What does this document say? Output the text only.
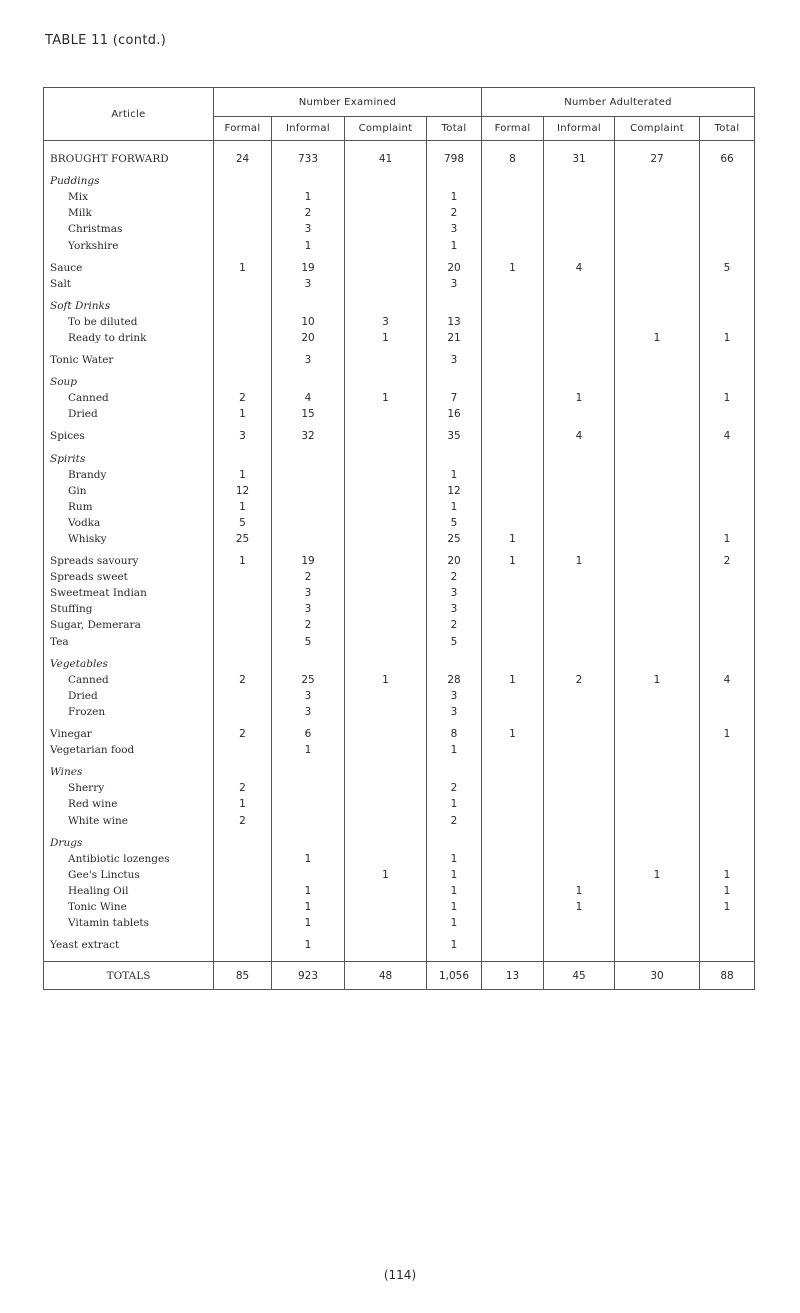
TABLE 11 (contd.)
Article	Number Examined				Number Adulterated			
	Formal	Informal	Complaint	Total	Formal	Informal	Complaint	Total
BROUGHT FORWARD	24	733	41	798	8	31	27	66
Puddings								
Mix		1		1				
Milk		2		2				
Christmas		3		3				
Yorkshire		1		1				
Sauce	1	19		20	1	4		5
Salt		3		3				
Soft Drinks								
To be diluted		10	3	13				
Ready to drink		20	1	21			1	1
Tonic Water		3		3				
Soup								
Canned	2	4	1	7		1		1
Dried	1	15		16				
Spices	3	32		35		4		4
Spirits								
Brandy	1			1				
Gin	12			12				
Rum	1			1				
Vodka	5			5				
Whisky	25			25	1			1
Spreads savoury	1	19		20	1	1		2
Spreads sweet		2		2				
Sweetmeat Indian		3		3				
Stuffing		3		3				
Sugar, Demerara		2		2				
Tea		5		5				
Vegetables								
Canned	2	25	1	28	1	2	1	4
Dried		3		3				
Frozen		3		3				
Vinegar	2	6		8	1			1
Vegetarian food		1		1				
Wines								
Sherry	2			2				
Red wine	1			1				
White wine	2			2				
Drugs								
Antibiotic lozenges		1		1				
Gee's Linctus			1	1			1	1
Healing Oil		1		1		1		1
Tonic Wine		1		1		1		1
Vitamin tablets		1		1				
Yeast extract		1		1				
TOTALS	85	923	48	1,056	13	45	30	88
(114)
